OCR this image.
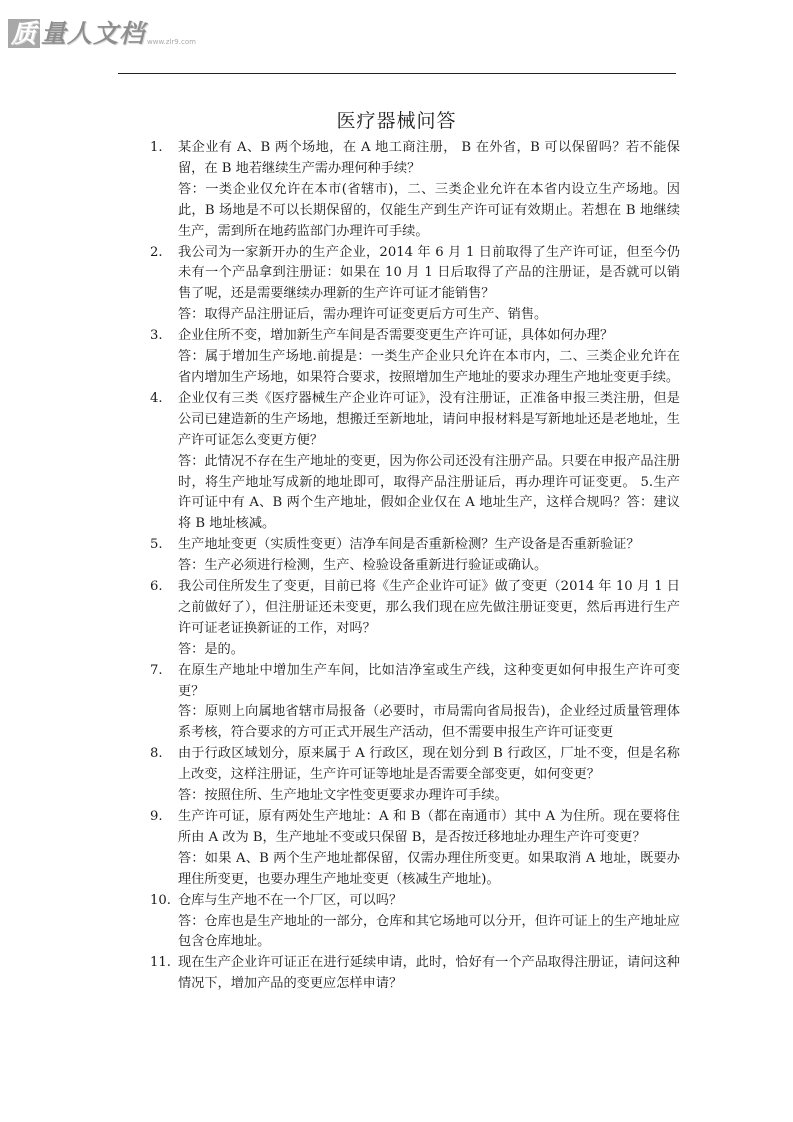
质 量人文档 www.zlr9.com
医疗器械问答
1.	某企业有 A、B 两个场地，在 A 地工商注册， B 在外省，B 可以保留吗？若不能保留，在 B 地若继续生产需办理何种手续？
答：一类企业仅允许在本市(省辖市)，二、三类企业允许在本省内设立生产场地。因此，B 场地是不可以长期保留的，仅能生产到生产许可证有效期止。若想在 B 地继续生产，需到所在地药监部门办理许可手续。
2.	我公司为一家新开办的生产企业，2014 年 6 月 1 日前取得了生产许可证，但至今仍未有一个产品拿到注册证：如果在 10 月 1 日后取得了产品的注册证，是否就可以销售了呢，还是需要继续办理新的生产许可证才能销售？
答：取得产品注册证后，需办理许可证变更后方可生产、销售。
3.	企业住所不变，增加新生产车间是否需要变更生产许可证，具体如何办理？
答：属于增加生产场地.前提是：一类生产企业只允许在本市内，二、三类企业允许在省内增加生产场地，如果符合要求，按照增加生产地址的要求办理生产地址变更手续。
4.	企业仅有三类《医疗器械生产企业许可证》，没有注册证，正准备申报三类注册，但是公司已建造新的生产场地，想搬迁至新地址，请问申报材料是写新地址还是老地址，生产许可证怎么变更方便？
答：此情况不存在生产地址的变更，因为你公司还没有注册产品。只要在申报产品注册时，将生产地址写成新的地址即可，取得产品注册证后，再办理许可证变更。 5.生产许可证中有 A、B 两个生产地址，假如企业仅在 A 地址生产，这样合规吗？答：建议将 B 地址核减。
5.	生产地址变更（实质性变更）洁净车间是否重新检测？生产设备是否重新验证？
答：生产必须进行检测，生产、检验设备重新进行验证或确认。
6.	我公司住所发生了变更，目前已将《生产企业许可证》做了变更（2014 年 10 月 1 日之前做好了），但注册证还未变更，那么我们现在应先做注册证变更，然后再进行生产许可证老证换新证的工作，对吗？
答：是的。
7.	在原生产地址中增加生产车间，比如洁净室或生产线，这种变更如何申报生产许可变更？
答：原则上向属地省辖市局报备（必要时，市局需向省局报告)，企业经过质量管理体系考核，符合要求的方可正式开展生产活动，但不需要申报生产许可证变更
8.	由于行政区域划分，原来属于 A 行政区，现在划分到 B 行政区，厂址不变，但是名称上改变，这样注册证，生产许可证等地址是否需要全部变更，如何变更？
答：按照住所、生产地址文字性变更要求办理许可手续。
9.	生产许可证，原有两处生产地址：A 和 B（都在南通市）其中 A 为住所。现在要将住所由 A 改为 B，生产地址不变或只保留 B，是否按迁移地址办理生产许可变更？
答：如果 A、B 两个生产地址都保留，仅需办理住所变更。如果取消 A 地址，既要办理住所变更，也要办理生产地址变更（核减生产地址)。
10. 仓库与生产地不在一个厂区，可以吗？
答：仓库也是生产地址的一部分，仓库和其它场地可以分开，但许可证上的生产地址应包含仓库地址。
11. 现在生产企业许可证正在进行延续申请，此时，恰好有一个产品取得注册证，请问这种情况下，增加产品的变更应怎样申请？
